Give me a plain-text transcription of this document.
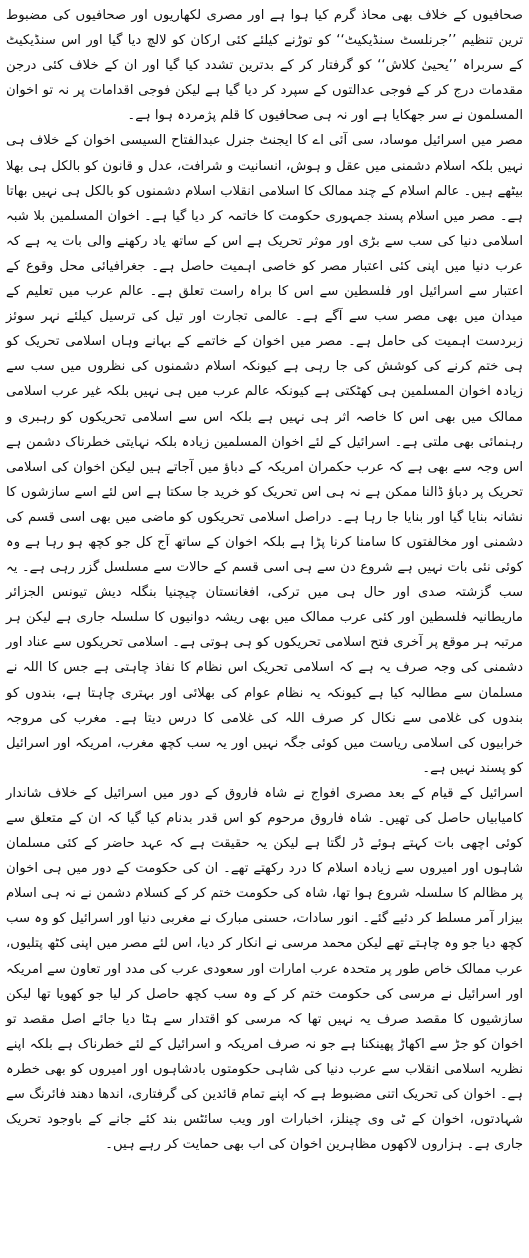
صحافیوں کے خلاف بھی محاذ گرم کیا ہوا ہے اور مصری لکھاریوں اور صحافیوں کی مضبوط ترین تنظیم ’’جرنلسٹ سنڈیکیٹ‘‘ کو توڑنے کیلئے کئی ارکان کو لالچ دیا گیا اور اس سنڈیکیٹ کے سربراہ ’’یحییٰ کلاش‘‘ کو گرفتار کر کے بدترین تشدد کیا گیا اور ان کے خلاف کئی درجن مقدمات درج کر کے فوجی عدالتوں کے سپرد کر دیا گیا ہے لیکن فوجی اقدامات پر نہ تو اخوان المسلمون نے سر جھکایا ہے اور نہ ہی صحافیوں کا قلم پژمردہ ہوا ہے۔

مصر میں اسرائیل موساد، سی آئی اے کا ایجنٹ جنرل عبدالفتاح السیسی اخوان کے خلاف ہی نہیں بلکہ اسلام دشمنی میں عقل و ہوش، انسانیت و شرافت، عدل و قانون کو بالکل ہی بھلا بیٹھے ہیں۔ عالم اسلام کے چند ممالک کا اسلامی انقلاب اسلام دشمنوں کو بالکل ہی نہیں بھاتا ہے۔ مصر میں اسلام پسند جمہوری حکومت کا خاتمہ کر دیا گیا ہے۔ اخوان المسلمین بلا شبہ اسلامی دنیا کی سب سے بڑی اور موثر تحریک ہے اس کے ساتھ یاد رکھنے والی بات یہ ہے کہ عرب دنیا میں اپنی کئی اعتبار مصر کو خاصی اہمیت حاصل ہے۔ جغرافیائی محل وقوع کے اعتبار سے اسرائیل اور فلسطین سے اس کا براہ راست تعلق ہے۔ عالم عرب میں تعلیم کے میدان میں بھی مصر سب سے آگے ہے۔ عالمی تجارت اور تیل کی ترسیل کیلئے نہر سوئز زبردست اہمیت کی حامل ہے۔ مصر میں اخوان کے خاتمے کے بہانے وہاں اسلامی تحریک کو ہی ختم کرنے کی کوشش کی جا رہی ہے کیونکہ اسلام دشمنوں کی نظروں میں سب سے زیادہ اخوان المسلمین ہی کھٹکتی ہے کیونکہ عالم عرب میں ہی نہیں بلکہ غیر عرب اسلامی ممالک میں بھی اس کا خاصہ اثر ہی نہیں ہے بلکہ اس سے اسلامی تحریکوں کو رہبری و رہنمائی بھی ملتی ہے۔ اسرائیل کے لئے اخوان المسلمین زیادہ بلکہ نہایتی خطرناک دشمن ہے اس وجہ سے بھی ہے کہ عرب حکمران امریکہ کے دباؤ میں آجاتے ہیں لیکن اخوان کی اسلامی تحریک پر دباؤ ڈالنا ممکن ہے نہ ہی اس تحریک کو خرید جا سکتا ہے اس لئے اسے سازشوں کا نشانہ بنایا گیا اور بنایا جا رہا ہے۔ دراصل اسلامی تحریکوں کو ماضی میں بھی اسی قسم کی دشمنی اور مخالفتوں کا سامنا کرنا پڑا ہے بلکہ اخوان کے ساتھ آج کل جو کچھ ہو رہا ہے وہ کوئی نئی بات نہیں ہے شروع دن سے ہی اسی قسم کے حالات سے مسلسل گزر رہی ہے۔ یہ سب گزشتہ صدی اور حال ہی میں ترکی، افغانستان چیچنیا بنگلہ دیش تیونس الجزائر ماریطانیہ فلسطین اور کئی عرب ممالک میں بھی ریشہ دوانیوں کا سلسلہ جاری ہے لیکن ہر مرتبہ ہر موقع پر آخری فتح اسلامی تحریکوں کو ہی ہوتی ہے۔ اسلامی تحریکوں سے عناد اور دشمنی کی وجہ صرف یہ ہے کہ اسلامی تحریک اس نظام کا نفاذ چاہتی ہے جس کا اللہ نے مسلمان سے مطالبہ کیا ہے کیونکہ یہ نظام عوام کی بھلائی اور بہتری چاہتا ہے، بندوں کو بندوں کی غلامی سے نکال کر صرف اللہ کی غلامی کا درس دیتا ہے۔ مغرب کی مروجہ خرابیوں کی اسلامی ریاست میں کوئی جگہ نہیں اور یہ سب کچھ مغرب، امریکہ اور اسرائیل کو پسند نہیں ہے۔

اسرائیل کے قیام کے بعد مصری افواج نے شاہ فاروق کے دور میں اسرائیل کے خلاف شاندار کامیابیاں حاصل کی تھیں۔ شاہ فاروق مرحوم کو اس قدر بدنام کیا گیا کہ ان کے متعلق سے کوئی اچھی بات کہتے ہوئے ڈر لگتا ہے لیکن یہ حقیقت ہے کہ عہد حاضر کے کئی مسلمان شاہوں اور امیروں سے زیادہ اسلام کا درد رکھتے تھے۔ ان کی حکومت کے دور میں ہی اخوان پر مظالم کا سلسلہ شروع ہوا تھا، شاہ کی حکومت ختم کر کے کسلام دشمن نے نہ ہی اسلام بیزار آمر مسلط کر دئیے گئے۔ انور سادات، حسنی مبارک نے مغربی دنیا اور اسرائیل کو وہ سب کچھ دیا جو وہ چاہتے تھے لیکن محمد مرسی نے انکار کر دیا، اس لئے مصر میں اپنی کٹھ پتلیوں، عرب ممالک خاص طور پر متحدہ عرب امارات اور سعودی عرب کی مدد اور تعاون سے امریکہ اور اسرائیل نے مرسی کی حکومت ختم کر کے وہ سب کچھ حاصل کر لیا جو کھویا تھا لیکن سازشیوں کا مقصد صرف یہ نہیں تھا کہ مرسی کو اقتدار سے ہٹا دیا جائے اصل مقصد تو اخوان کو جڑ سے اکھاڑ پھینکنا ہے جو نہ صرف امریکہ و اسرائیل کے لئے خطرناک ہے بلکہ اپنے نظریہ اسلامی انقلاب سے عرب دنیا کی شاہی حکومتوں بادشاہوں اور امیروں کو بھی خطرہ ہے۔ اخوان کی تحریک اتنی مضبوط ہے کہ اپنے تمام قائدین کی گرفتاری، اندھا دھند فائرنگ سے شہادتوں، اخوان کے ٹی وی چینلز، اخبارات اور ویب سائٹس بند کئے جانے کے باوجود تحریک جاری ہے۔ ہزاروں لاکھوں مظاہرین اخوان کی اب بھی حمایت کر رہے ہیں۔
